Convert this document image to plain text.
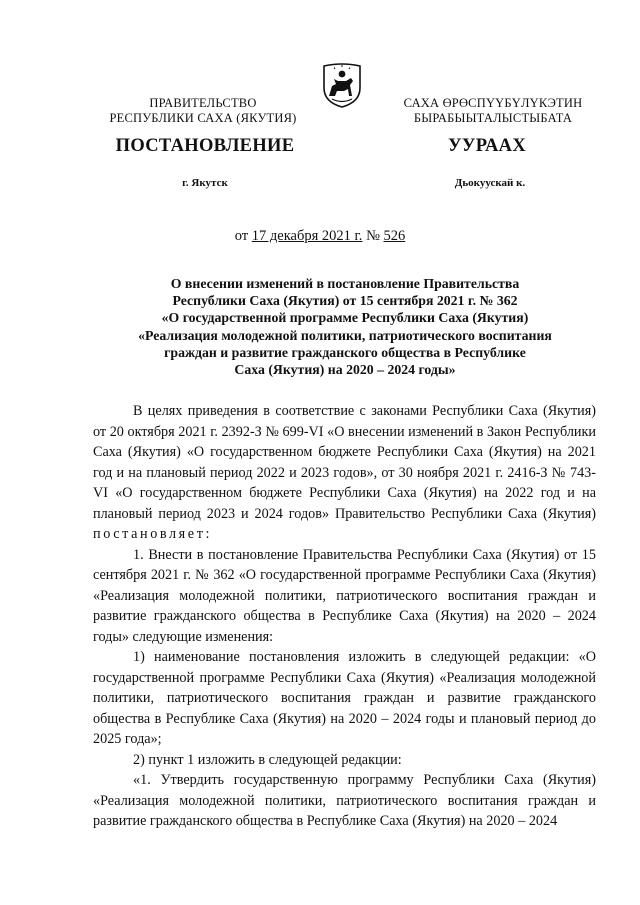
ПРАВИТЕЛЬСТВО
РЕСПУБЛИКИ САХА (ЯКУТИЯ)
САХА ӨРӨСПҮҮБҮЛҮКЭТИН
БЫРАБЫЫТАЛЫСТЫБАТА
ПОСТАНОВЛЕНИЕ	УУРААХ
г. Якутск	Дьокуускай к.
от 17 декабря 2021 г. № 526
О внесении изменений в постановление Правительства
Республики Саха (Якутия) от 15 сентября 2021 г. № 362
«О государственной программе Республики Саха (Якутия)
«Реализация молодежной политики, патриотического воспитания
граждан и развитие гражданского общества в Республике
Саха (Якутия) на 2020 – 2024 годы»

В целях приведения в соответствие с законами Республики Саха (Якутия) от 20 октября 2021 г. 2392-З № 699-VI «О внесении изменений в Закон Республики Саха (Якутия) «О государственном бюджете Республики Саха (Якутия) на 2021 год и на плановый период 2022 и 2023 годов», от 30 ноября 2021 г. 2416-З № 743-VI «О государственном бюджете Республики Саха (Якутия) на 2022 год и на плановый период 2023 и 2024 годов» Правительство Республики Саха (Якутия) постановляет:

1. Внести в постановление Правительства Республики Саха (Якутия) от 15 сентября 2021 г. № 362 «О государственной программе Республики Саха (Якутия) «Реализация молодежной политики, патриотического воспитания граждан и развитие гражданского общества в Республике Саха (Якутия) на 2020 – 2024 годы» следующие изменения:

1) наименование постановления изложить в следующей редакции: «О государственной программе Республики Саха (Якутия) «Реализация молодежной политики, патриотического воспитания граждан и развитие гражданского общества в Республике Саха (Якутия) на 2020 – 2024 годы и плановый период до 2025 года»;

2) пункт 1 изложить в следующей редакции:

«1. Утвердить государственную программу Республики Саха (Якутия) «Реализация молодежной политики, патриотического воспитания граждан и развитие гражданского общества в Республике Саха (Якутия) на 2020 – 2024
